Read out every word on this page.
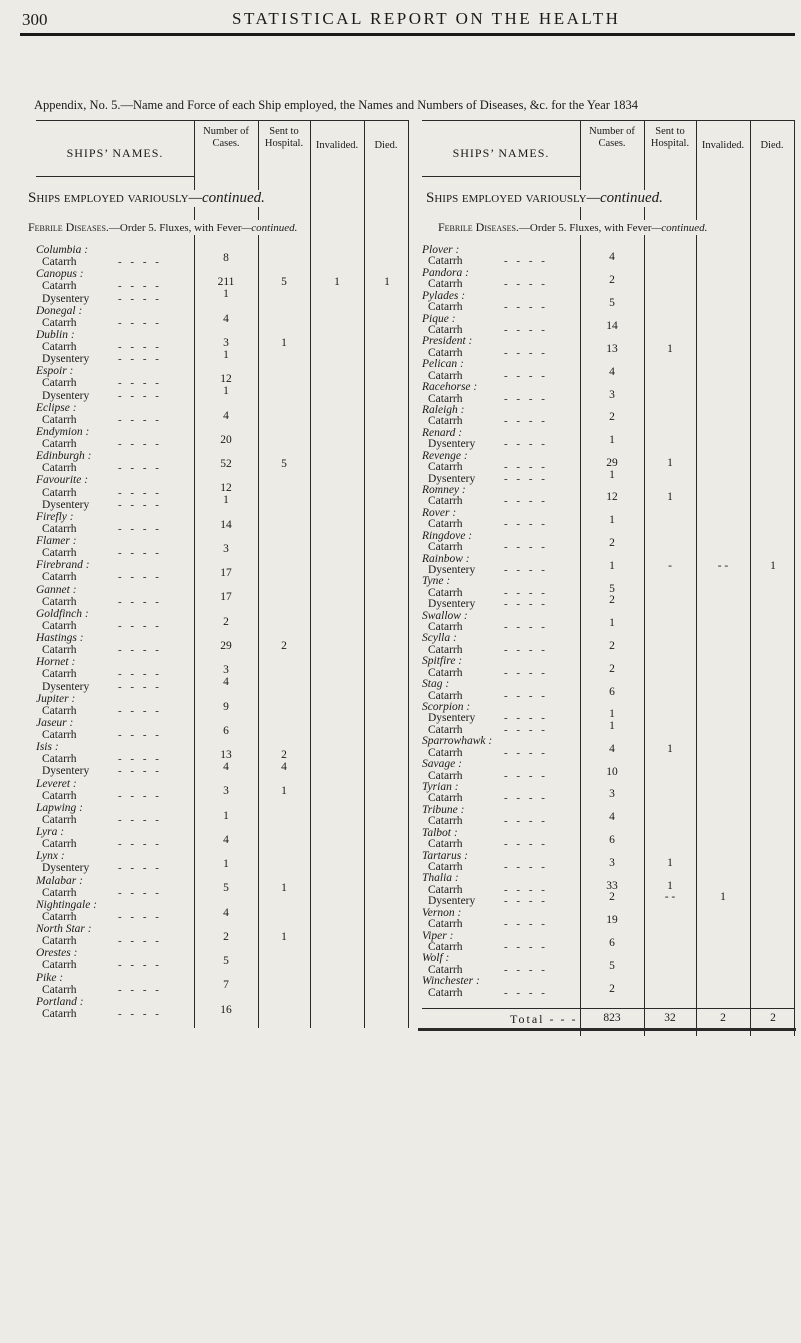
300	STATISTICAL REPORT ON THE HEALTH
Appendix, No. 5.—Name and Force of each Ship employed, the Names and Numbers of Diseases, &c. for the Year 1834
SHIPS’ NAMES.
Number of Cases.
Sent to Hospital.	Invalided.	Died.
Ships employed variously—continued.
Febrile Diseases.—Order 5. Fluxes, with Fever—continued.
Columbia :
Catarrh	- - - -	8
Canopus :
Catarrh	- - - -	211	5	1	1
Dysentery	- - - -	1
Donegal :
Catarrh	- - - -	4
Dublin :
Catarrh	- - - -	3	1
Dysentery	- - - -	1
Espoir :
Catarrh	- - - -	12
Dysentery	- - - -	1
Eclipse :
Catarrh	- - - -	4
Endymion :
Catarrh	- - - -	20
Edinburgh :
Catarrh	- - - -	52	5
Favourite :
Catarrh	- - - -	12
Dysentery	- - - -	1
Firefly :
Catarrh	- - - -	14
Flamer :
Catarrh	- - - -	3
Firebrand :
Catarrh	- - - -	17
Gannet :
Catarrh	- - - -	17
Goldfinch :
Catarrh	- - - -	2
Hastings :
Catarrh	- - - -	29	2
Hornet :
Catarrh	- - - -	3
Dysentery	- - - -	4
Jupiter :
Catarrh	- - - -	9
Jaseur :
Catarrh	- - - -	6
Isis :
Catarrh	- - - -	13	2
Dysentery	- - - -	4	4
Leveret :
Catarrh	- - - -	3	1
Lapwing :
Catarrh	- - - -	1
Lyra :
Catarrh	- - - -	4
Lynx :
Dysentery	- - - -	1
Malabar :
Catarrh	- - - -	5	1
Nightingale :
Catarrh	- - - -	4
North Star :
Catarrh	- - - -	2	1
Orestes :
Catarrh	- - - -	5
Pike :
Catarrh	- - - -	7
Portland :
Catarrh	- - - -	16
SHIPS’ NAMES.
Number of Cases.
Sent to Hospital.	Invalided.	Died.
Ships employed variously—continued.
Febrile Diseases.—Order 5. Fluxes, with Fever—continued.
Plover :
Catarrh	- - - -	4
Pandora :
Catarrh	- - - -	2
Pylades :
Catarrh	- - - -	5
Pique :
Catarrh	- - - -	14
President :
Catarrh	- - - -	13	1
Pelican :
Catarrh	- - - -	4
Racehorse :
Catarrh	- - - -	3
Raleigh :
Catarrh	- - - -	2
Renard :
Dysentery	- - - -	1
Revenge :
Catarrh	- - - -	29	1
Dysentery	- - - -	1
Romney :
Catarrh	- - - -	12	1
Rover :
Catarrh	- - - -	1
Ringdove :
Catarrh	- - - -	2
Rainbow :
Dysentery	- - - -	1	-	- -	1
Tyne :
Catarrh	- - - -	5
Dysentery	- - - -	2
Swallow :
Catarrh	- - - -	1
Scylla :
Catarrh	- - - -	2
Spitfire :
Catarrh	- - - -	2
Stag :
Catarrh	- - - -	6
Scorpion :
Dysentery	- - - -	1
Catarrh	- - - -	1
Sparrowhawk :
Catarrh	- - - -	4	1
Savage :
Catarrh	- - - -	10
Tyrian :
Catarrh	- - - -	3
Tribune :
Catarrh	- - - -	4
Talbot :
Catarrh	- - - -	6
Tartarus :
Catarrh	- - - -	3	1
Thalia :
Catarrh	- - - -	33	1
Dysentery	- - - -	2	- -	1
Vernon :
Catarrh	- - - -	19
Viper :
Catarrh	- - - -	6
Wolf :
Catarrh	- - - -	5
Winchester :
Catarrh	- - - -	2
Total - - -	823	32	2	2
